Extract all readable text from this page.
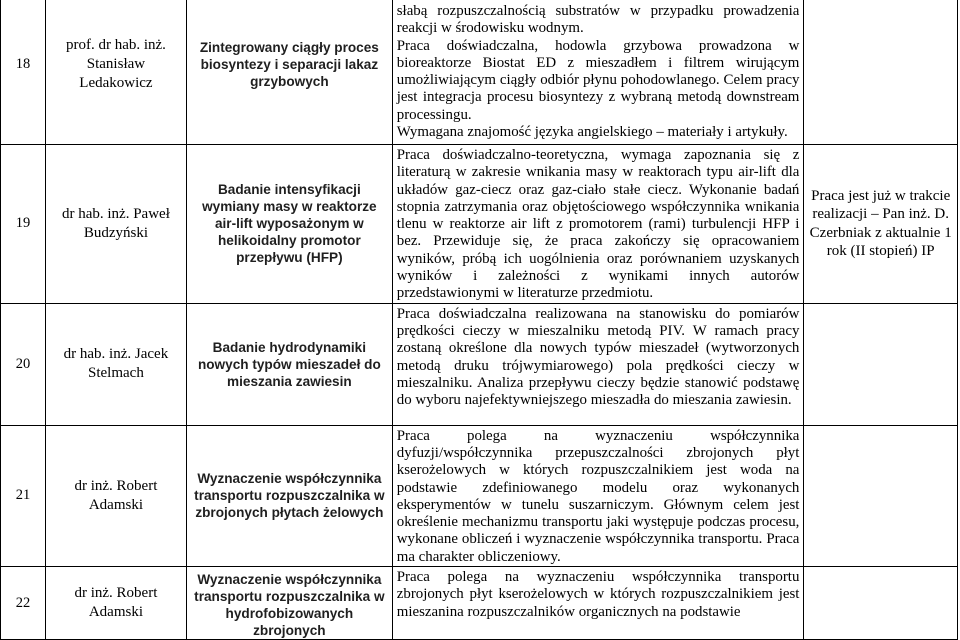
18	prof. dr hab. inż. Stanisław Ledakowicz	Zintegrowany ciągły proces biosyntezy i separacji lakaz grzybowych	słabą rozpuszczalnością substratów w przypadku prowadzenia reakcji w środowisku wodnym.

Praca doświadczalna, hodowla grzybowa prowadzona w bioreaktorze Biostat ED z mieszadłem i filtrem wirującym umożliwiającym ciągły odbiór płynu pohodowlanego. Celem pracy jest integracja procesu biosyntezy z wybraną metodą downstream processingu.

Wymagana znajomość języka angielskiego – materiały i artykuły.	

19	dr hab. inż. Paweł Budzyński	Badanie intensyfikacji wymiany masy w reaktorze air-lift wyposażonym w helikoidalny promotor przepływu (HFP)	Praca doświadczalno-teoretyczna, wymaga zapoznania się z literaturą w zakresie wnikania masy w reaktorach typu air-lift dla układów gaz-ciecz oraz gaz-ciało stałe ciecz. Wykonanie badań stopnia zatrzymania oraz objętościowego współczynnika wnikania tlenu w reaktorze air lift z promotorem (rami) turbulencji HFP i bez. Przewiduje się, że praca zakończy się opracowaniem wyników, próbą ich uogólnienia oraz porównaniem uzyskanych wyników i zależności z wynikami innych autorów przedstawionymi w literaturze przedmiotu.	Praca jest już w trakcie realizacji – Pan inż. D. Czerbniak z aktualnie 1 rok (II stopień) IP
20	dr hab. inż. Jacek Stelmach	Badanie hydrodynamiki nowych typów mieszadeł do mieszania zawiesin	Praca doświadczalna realizowana na stanowisku do pomiarów prędkości cieczy w mieszalniku metodą PIV. W ramach pracy zostaną określone dla nowych typów mieszadeł (wytworzonych metodą druku trójwymiarowego) pola prędkości cieczy w mieszalniku. Analiza przepływu cieczy będzie stanowić podstawę do wyboru najefektywniejszego mieszadła do mieszania zawiesin.	

21	dr inż. Robert Adamski	Wyznaczenie współczynnika transportu rozpuszczalnika w zbrojonych płytach żelowych	Praca polega na wyznaczeniu współczynnika dyfuzji/współczynnika przepuszczalności zbrojonych płyt kserożelowych w których rozpuszczalnikiem jest woda na podstawie zdefiniowanego modelu oraz wykonanych eksperymentów w tunelu suszarniczym. Głównym celem jest określenie mechanizmu transportu jaki występuje podczas procesu, wykonane obliczeń i wyznaczenie współczynnika transportu. Praca ma charakter obliczeniowy.	

22	dr inż. Robert Adamski	Wyznaczenie współczynnika transportu rozpuszczalnika w hydrofobizowanych zbrojonych	Praca polega na wyznaczeniu współczynnika transportu zbrojonych płyt kserożelowych w których rozpuszczalnikiem jest mieszanina rozpuszczalników organicznych na podstawie	
